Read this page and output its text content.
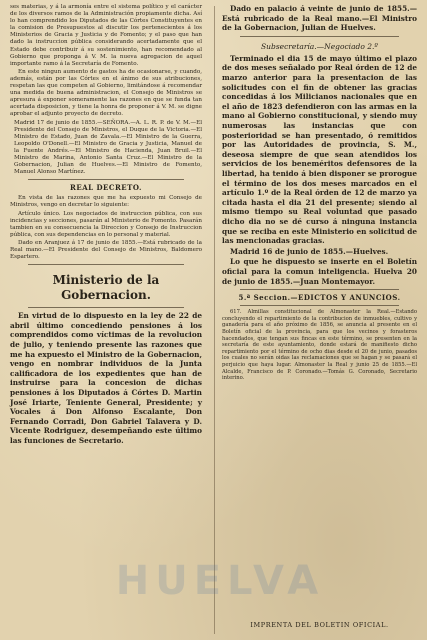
ses materias, y á la armonía entre el sistema político y el carácter de los diversos ramos de la Administración propiamente dicha. Así lo han comprendido los Diputados de las Córtes Constituyentes en la comision de Presupuestos al discutir los pertenecientes á los Ministerios de Gracia y Justicia y de Fomento; y el paso que han dado la instruccion pública considerando acertadamente que el Estado debe contribuir á su sostenimiento, han recomendado al Gobierno que proponga á V. M. la nueva agregacion de aquel importante ramo á la Secretaría de Fomento.

En este ningun aumento de gastos ha de ocasionarse, y cuando, además, están por las Córtes en el ánimo de sus atribuciones, respetan las que competen al Gobierno, limitándose á recomendar una medida de buena administracion, el Consejo de Ministros se apresura á exponer someramente las razones en que se funda tan acertada disposicion, y tiene la honra de proponer á V. M. se digne aprobar el adjunto proyecto de decreto.

Madrid 17 de junio de 1855.—SEÑORA.—A. L. R. P. de V. M.—El Presidente del Consejo de Ministros, el Duque de la Victoria.—El Ministro de Estado, Juan de Zavala.—El Ministro de la Guerra, Leopoldo O'Donell.—El Ministro de Gracia y Justicia, Manuel de la Fuente Andrés.—El Ministro de Hacienda, Juan Bruil.—El Ministro de Marina, Antonio Santa Cruz.—El Ministro de la Gobernacion, Julian de Huelves.—El Ministro de Fomento, Manuel Alonso Martínez.

REAL DECRETO.

En vista de las razones que me ha expuesto mi Consejo de Ministros, vengo en decretar lo siguiente:

Artículo único. Los negociados de instruccion pública, con sus incidencias y secciones, pasarán al Ministerio de Fomento. Pasarán tambien en su consecuencia la Direccion y Consejo de Instruccion pública, con sus dependencias en lo personal y material.

Dado en Aranjuez á 17 de junio de 1855.—Está rubricado de la Real mano.—El Presidente del Consejo de Ministros, Baldomero Espartero.

Ministerio de la Gobernacion.

En virtud de lo dispuesto en la ley de 22 de abril último concediendo pensiones á los comprendidos como víctimas de la revolucion de julio, y teniendo presente las razones que me ha expuesto el Ministro de la Gobernacion, vengo en nombrar individuos de la Junta calificadora de los expedientes que han de instruirse para la concesion de dichas pensiones á los Diputados á Córtes D. Martin José Iriarte, Teniente General, Presidente; y Vocales á Don Alfonso Escalante, Don Fernando Corradi, Don Gabriel Talavera y D. Vicente Rodriguez, desempeñando este último las funciones de Secretario.

Dado en palacio á veinte de junio de 1855.—Está rubricado de la Real mano.—El Ministro de la Gobernacion, Julian de Huelves.

Subsecretaría.—Negociado 2.º

Terminado el dia 15 de mayo último el plazo de dos meses señalado por Real órden de 12 de marzo anterior para la presentacion de las solicitudes con el fin de obtener las gracias concedidas á los Milicianos nacionales que en el año de 1823 defendieron con las armas en la mano al Gobierno constitucional, y siendo muy numerosas las instancias que con posterioridad se han presentado, ó remitidos por las Autoridades de provincia, S. M., deseosa siempre de que sean atendidos los servicios de los beneméritos defensores de la libertad, ha tenido á bien disponer se prorogue el término de los dos meses marcados en el artículo 1.º de la Real órden de 12 de marzo ya citada hasta el dia 21 del presente; siendo al mismo tiempo su Real voluntad que pasado dicho dia no se dé curso á ninguna instancia que se reciba en este Ministerio en solicitud de las mencionadas gracias.

Madrid 16 de junio de 1855.—Huelves.

Lo que he dispuesto se inserte en el Boletín oficial para la comun inteligencia. Huelva 20 de junio de 1855.—Juan Montemayor.

5.ª Seccion.—EDICTOS Y ANUNCIOS.

617. Almillas constitucional de Almonaster la Real.—Estando concluyendo el repartimiento de la contribucion de inmuebles, cultivo y ganadería para el año próximo de 1856, se anuncia al presente en el Boletín oficial de la provincia, para que los vecinos y forasteros hacendados, que tengan sus fincas en este término, se presenten en la secretaría de este ayuntamiento, donde estará de manifiesto dicho repartimiento por el término de ocho dias desde el 20 de junio, pasados los cuales no serán oidas las reclamaciones que se hagan y se pasará el perjuicio que haya lugar. Almonaster la Real y junio 25 de 1855.—El Alcalde, Francisco de P. Coronado.—Tomás G. Coronado, Secretario interino.

IMPRENTA DEL BOLETIN OFICIAL.
HUELVA
